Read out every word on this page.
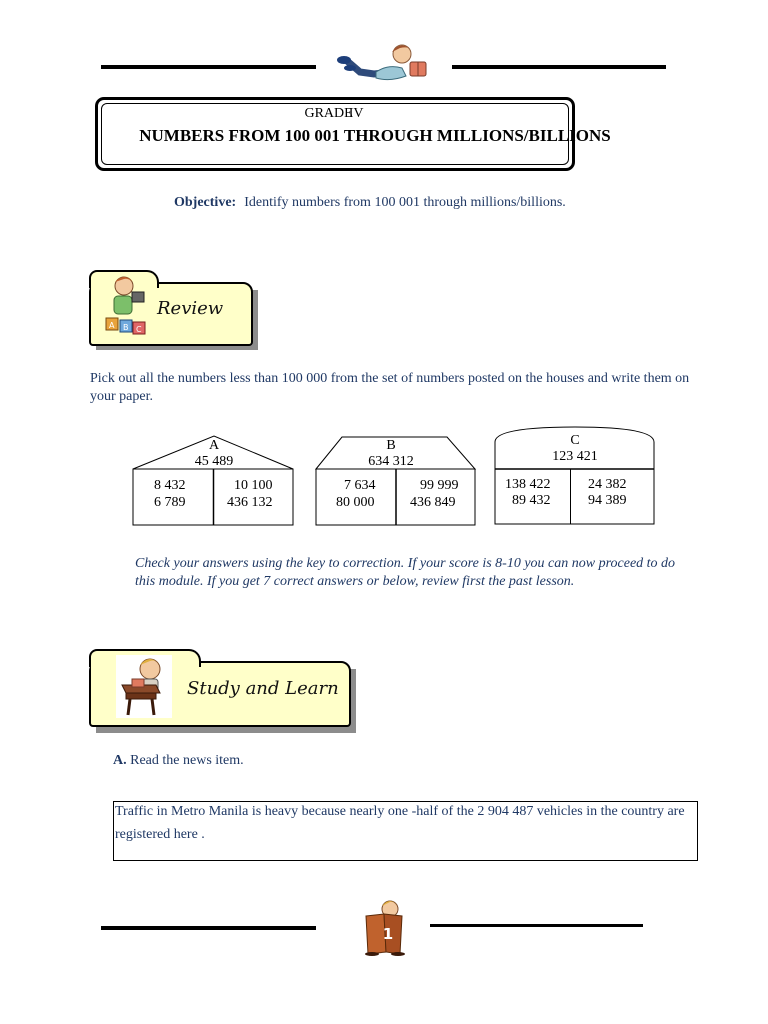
GRADEIV
NUMBERS FROM 100 001 THROUGH MILLIONS/BILLIONS
Objective: Identify numbers from 100 001 through millions/billions.
A B C
Review
Pick out all the numbers less than 100 000 from the set of numbers posted on the houses and write them on your paper.
A
45 489
8 432
6 789
10 100
436 132
B
634 312
7 634
80 000
99 999
436 849
C
123 421
138 422
89 432
24 382
94 389
Check your answers using the key to correction. If your score is 8-10 you can now proceed to do this module. If you get 7 correct answers or below, review first the past lesson.
Study and Learn
A. Read the news item.
Traffic in Metro Manila is heavy because nearly one -half of the 2 904 487 vehicles in the country are registered here .
1
